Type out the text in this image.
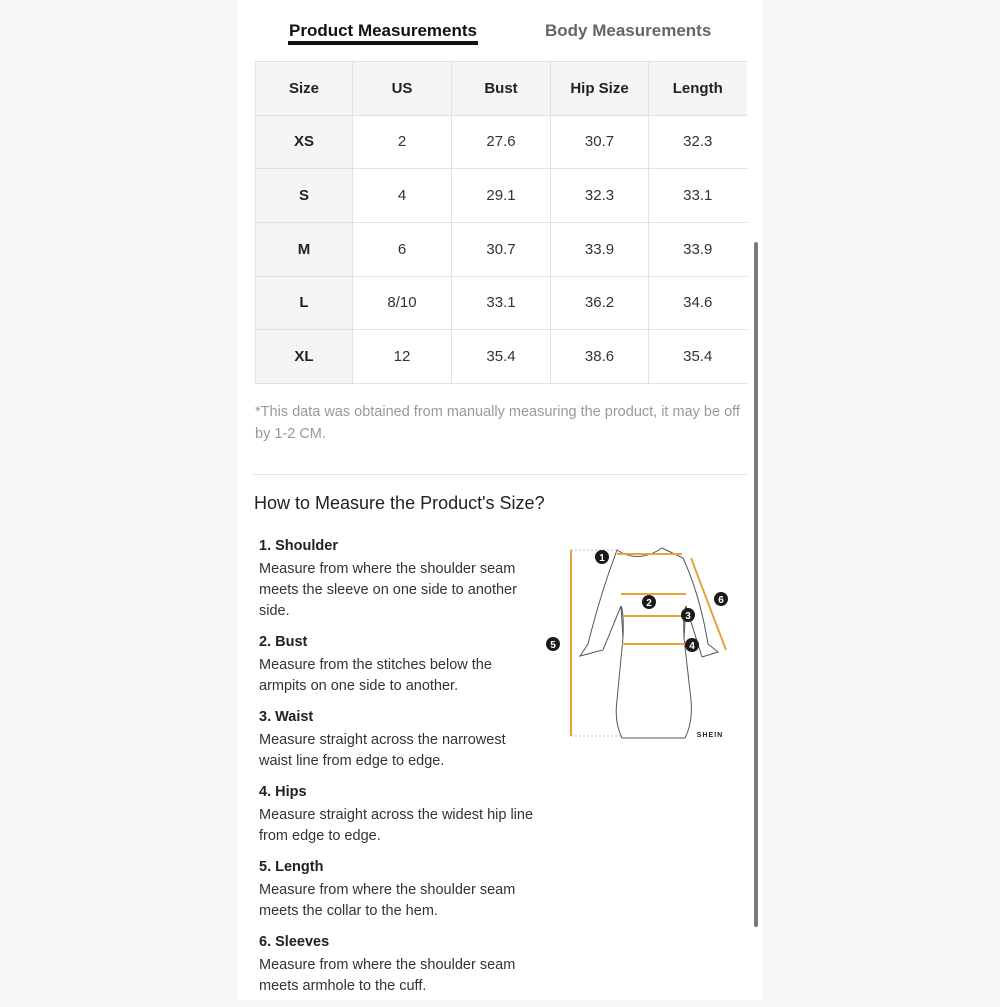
Product Measurements	Body Measurements
Size	US	Bust	Hip Size	Length
XS	2	27.6	30.7	32.3
S	4	29.1	32.3	33.1
M	6	30.7	33.9	33.9
L	8/10	33.1	36.2	34.6
XL	12	35.4	38.6	35.4
*This data was obtained from manually measuring the product, it may be off by 1-2 CM.
How to Measure the Product's Size?
1. Shoulder
Measure from where the shoulder seam meets the sleeve on one side to another side.
2. Bust
Measure from the stitches below the armpits on one side to another.
3. Waist
Measure straight across the narrowest waist line from edge to edge.
4. Hips
Measure straight across the widest hip line from edge to edge.
5. Length
Measure from where the shoulder seam meets the collar to the hem.
6. Sleeves
Measure from where the shoulder seam meets armhole to the cuff.
1
2
3
4
5
6
SHEIN
